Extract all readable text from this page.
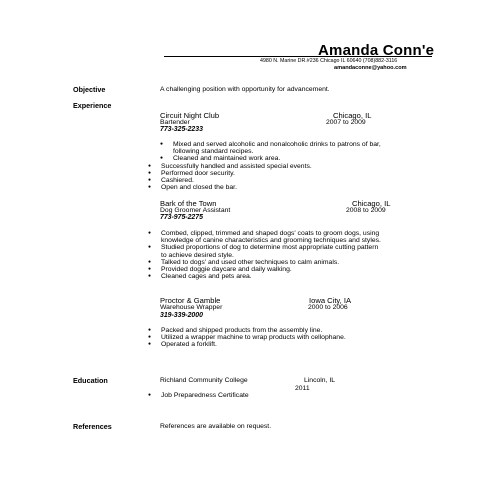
Amanda Conn'e
4980 N. Marine DR.#236 Chicago IL 60640 (708)882-3116
amandaconne@yahoo.com
Objective	A challenging position with opportunity for advancement.
Experience
Circuit Night Club	Chicago, IL
Bartender	2007 to 2009
773-325-2233
● Mixed and served alcoholic and nonalcoholic drinks to patrons of bar,
following standard recipes.
● Cleaned and maintained work area.
● Successfully handled and assisted special events.
● Performed door security.
● Cashiered.
● Open and closed the bar.
Bark of the Town	Chicago, IL
Dog Groomer Assistant	2008 to 2009
773-975-2275
● Combed, clipped, trimmed and shaped dogs' coats to groom dogs, using
knowledge of canine characteristics and grooming techniques and styles.
● Studied proportions of dog to determine most appropriate cutting pattern
to achieve desired style.
● Talked to dogs' and used other techniques to calm animals.
● Provided doggie daycare and daily walking.
● Cleaned cages and pets area.
Proctor & Gamble	Iowa City, IA
Warehouse Wrapper	2000 to 2006
319-339-2000
● Packed and shipped products from the assembly line.
● Utilized a wrapper machine to wrap products with cellophane.
● Operated a forklift.
Education	Richland Community College	Lincoln, IL
2011
● Job Preparedness Certificate
References	References are available on request.
